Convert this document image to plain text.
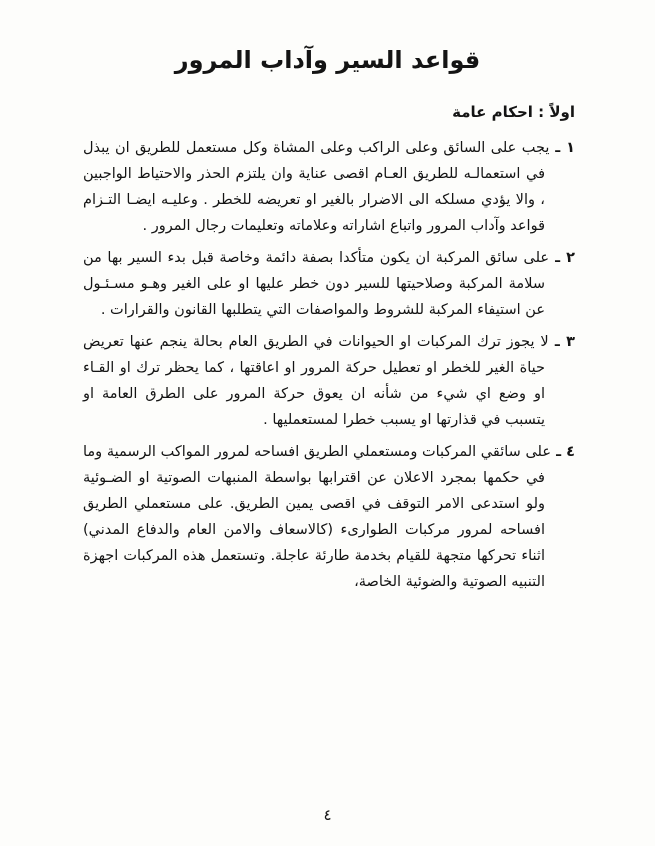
قواعد السير وآداب المرور
اولاً : احكام عامة

١ ـيجب على السائق وعلى الراكب وعلى المشاة وكل مستعمل للطريق ان يبذل في استعمالـه للطريق العـام اقصى عناية وان يلتزم الحذر والاحتياط الواجبين ، والا يؤدي مسلكه الى الاضرار بالغير او تعريضه للخطر . وعليـه ايضـا التـزام قواعد وآداب المرور واتباع اشاراته وعلاماته وتعليمات رجال المرور .

٢ ـعلى سائق المركبة ان يكون متأكدا بصفة دائمة وخاصة قبل بدء السير بها من سلامة المركبة وصلاحيتها للسير دون خطر عليها او على الغير وهـو مسـئـول عن استيفاء المركبة للشروط والمواصفات التي يتطلبها القانون والقرارات .

٣ ـلا يجوز ترك المركبات او الحيوانات في الطريق العام بحالة ينجم عنها تعريض حياة الغير للخطر او تعطيل حركة المرور او اعاقتها ، كما يحظر ترك او القـاء او وضع اي شيء من شأنه ان يعوق حركة المرور على الطرق العامة او يتسبب في قذارتها او يسبب خطرا لمستعمليها .

٤ ـعلى سائقي المركبات ومستعملي الطريق افساحه لمرور المواكب الرسمية وما في حكمها بمجرد الاعلان عن اقترابها بواسطة المنبهات الصوتية او الضـوئية ولو استدعى الامر التوقف في اقصى يمين الطريق. على مستعملي الطريق افساحه لمرور مركبات الطوارىء (كالاسعاف والامن العام والدفاع المدني) اثناء تحركها متجهة للقيام بخدمة طارئة عاجلة. وتستعمل هذه المركبات اجهزة التنبيه الصوتية والضوئية الخاصة،

٤
